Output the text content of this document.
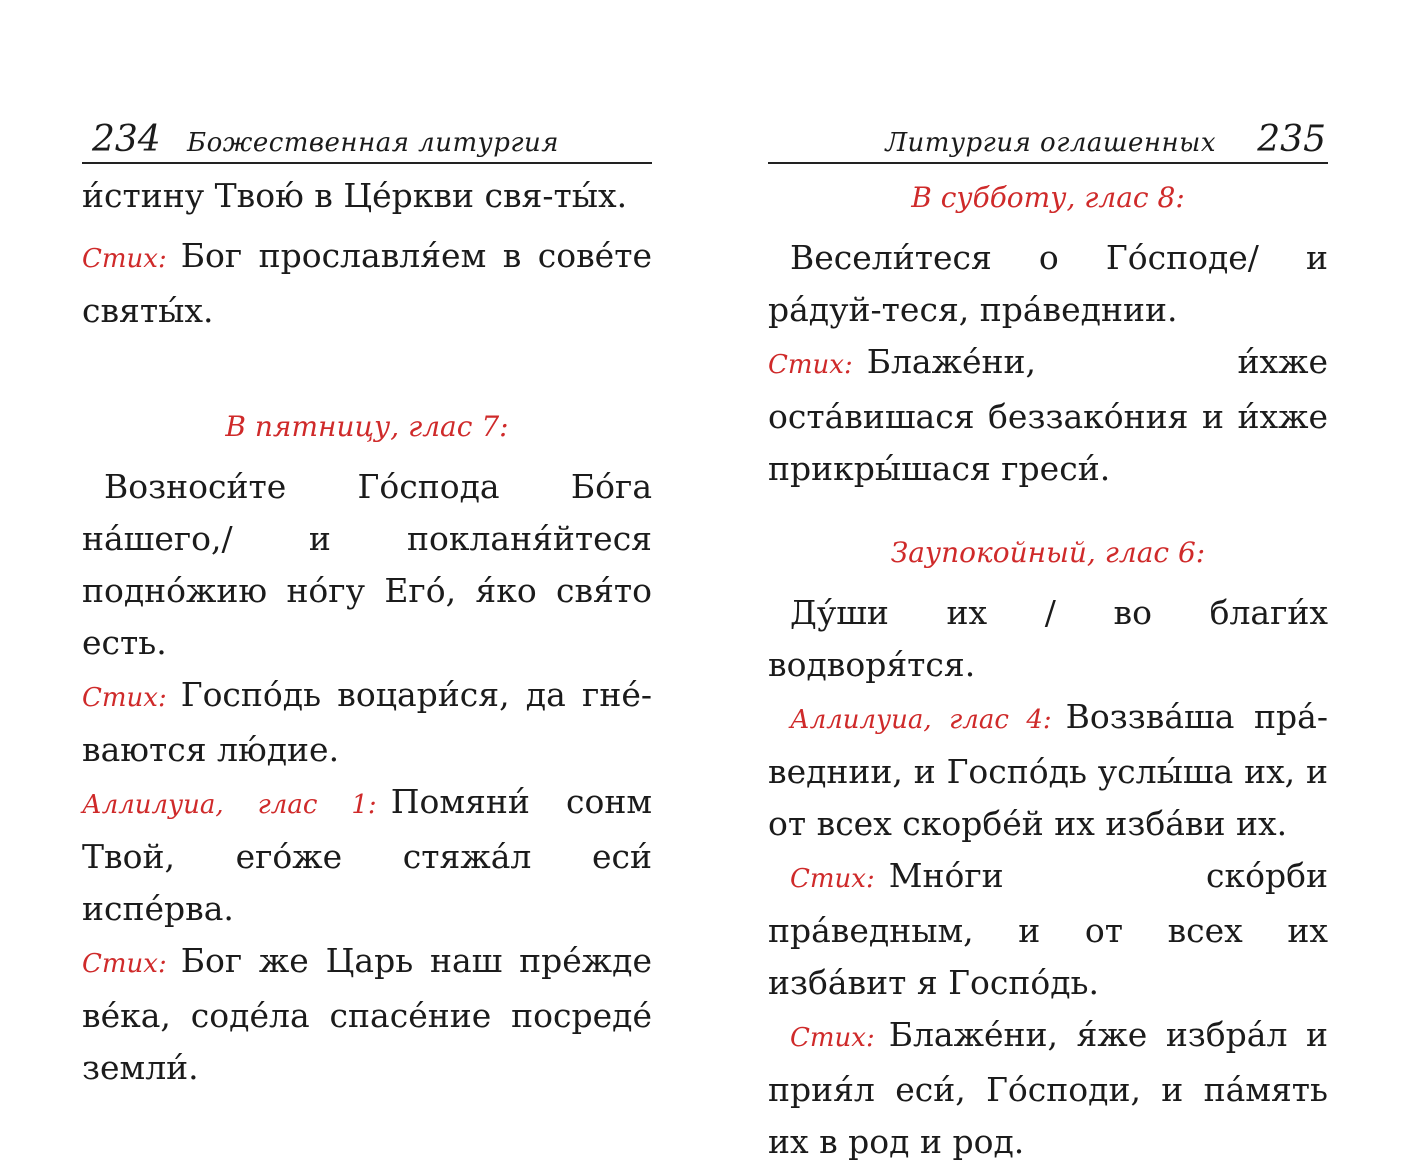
234 Божественная литургия

и́стину Твою́ в Це́ркви свя-ты́х.

Стих: Бог прославля́ем в сове́те святы́х.

В пятницу, глас 7:

Возноси́те Го́спода Бо́га на́шего,/ и покланя́йтеся подно́жию но́гу Его́, я́ко свя́то есть.

Стих: Госпо́дь воцари́ся, да гне́-ваются лю́дие.

Аллилуиа, глас 1: Помяни́ сонм Твой, его́же стяжа́л еси́ испе́рва.

Стих: Бог же Царь наш пре́жде ве́ка, соде́ла спасе́ние посреде́ земли́.

Литургия оглашенных 235

В субботу, глас 8:

Весели́теся о Го́споде/ и ра́дуй-теся, пра́веднии.

Стих: Блаже́ни, и́хже оста́вишася беззако́ния и и́хже прикры́шася греси́.

Заупокойный, глас 6:

Ду́ши их / во благи́х водворя́тся.

Аллилуиа, глас 4: Воззва́ша пра́-веднии, и Госпо́дь услы́ша их, и от всех скорбе́й их изба́ви их.

Стих: Мно́ги ско́рби пра́ведным, и от всех их изба́вит я Госпо́дь.

Стих: Блаже́ни, я́же избра́л и прия́л еси́, Го́споди, и па́мять их в род и род.
